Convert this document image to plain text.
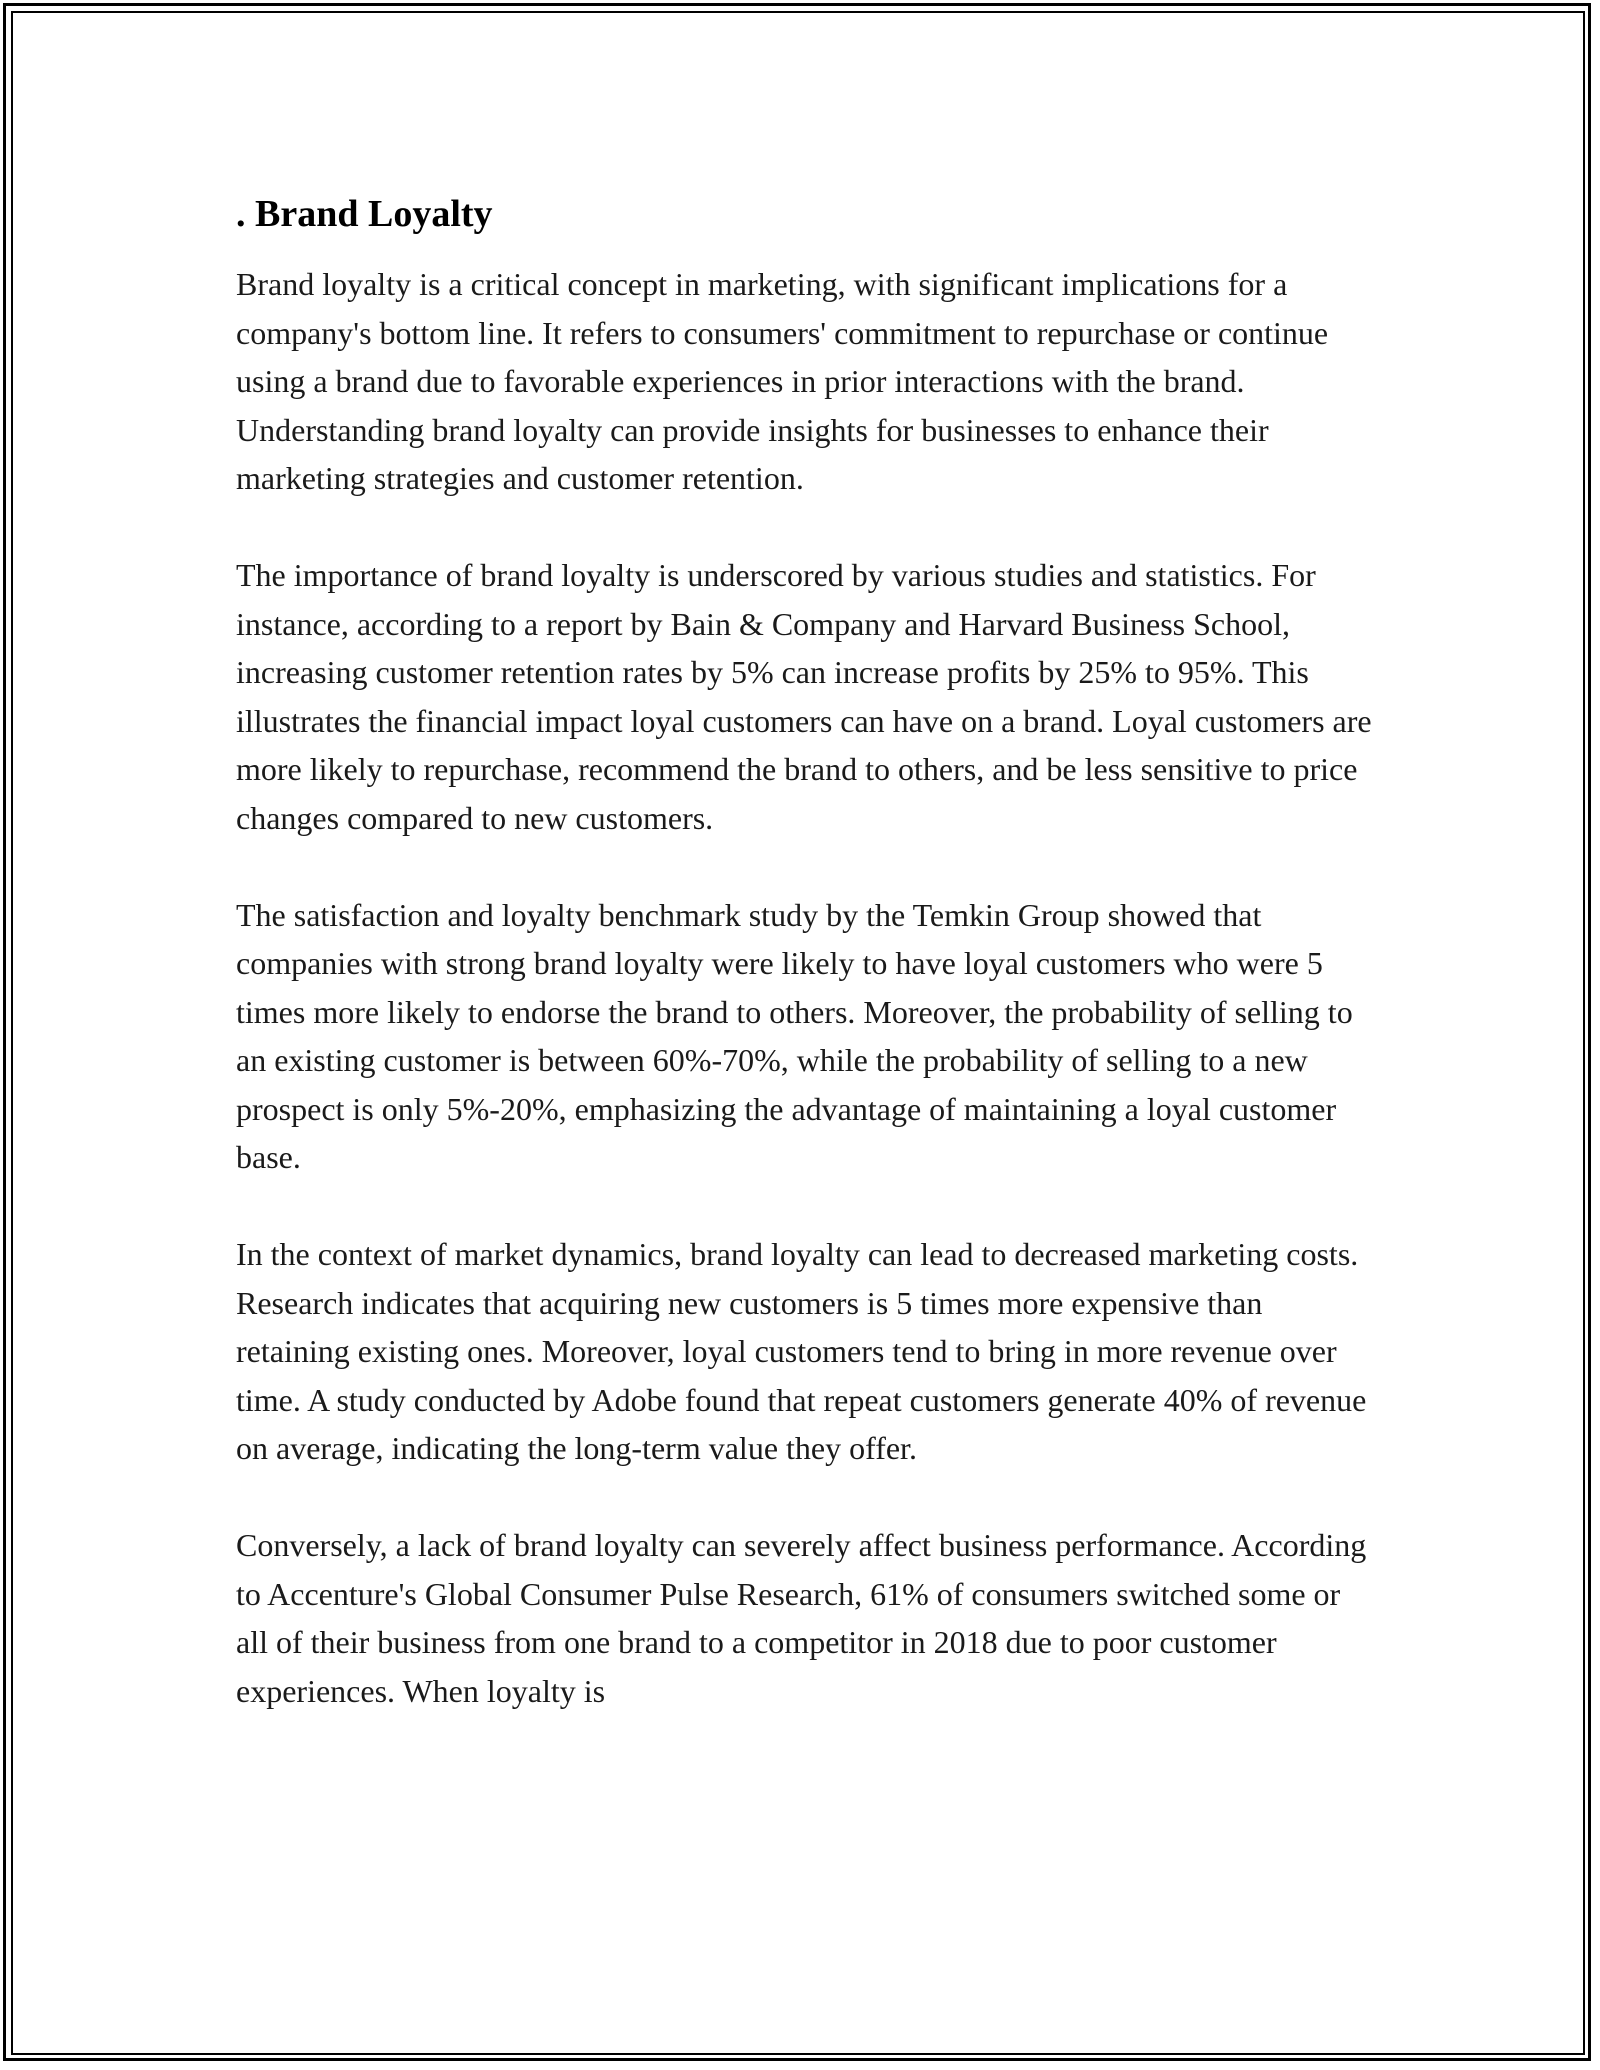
. Brand Loyalty

Brand loyalty is a critical concept in marketing, with significant implications for a company's bottom line. It refers to consumers' commitment to repurchase or continue using a brand due to favorable experiences in prior interactions with the brand. Understanding brand loyalty can provide insights for businesses to enhance their marketing strategies and customer retention.

The importance of brand loyalty is underscored by various studies and statistics. For instance, according to a report by Bain & Company and Harvard Business School, increasing customer retention rates by 5% can increase profits by 25% to 95%. This illustrates the financial impact loyal customers can have on a brand. Loyal customers are more likely to repurchase, recommend the brand to others, and be less sensitive to price changes compared to new customers.

The satisfaction and loyalty benchmark study by the Temkin Group showed that companies with strong brand loyalty were likely to have loyal customers who were 5 times more likely to endorse the brand to others. Moreover, the probability of selling to an existing customer is between 60%-70%, while the probability of selling to a new prospect is only 5%-20%, emphasizing the advantage of maintaining a loyal customer base.

In the context of market dynamics, brand loyalty can lead to decreased marketing costs. Research indicates that acquiring new customers is 5 times more expensive than retaining existing ones. Moreover, loyal customers tend to bring in more revenue over time. A study conducted by Adobe found that repeat customers generate 40% of revenue on average, indicating the long-term value they offer.

Conversely, a lack of brand loyalty can severely affect business performance. According to Accenture's Global Consumer Pulse Research, 61% of consumers switched some or all of their business from one brand to a competitor in 2018 due to poor customer experiences. When loyalty is
